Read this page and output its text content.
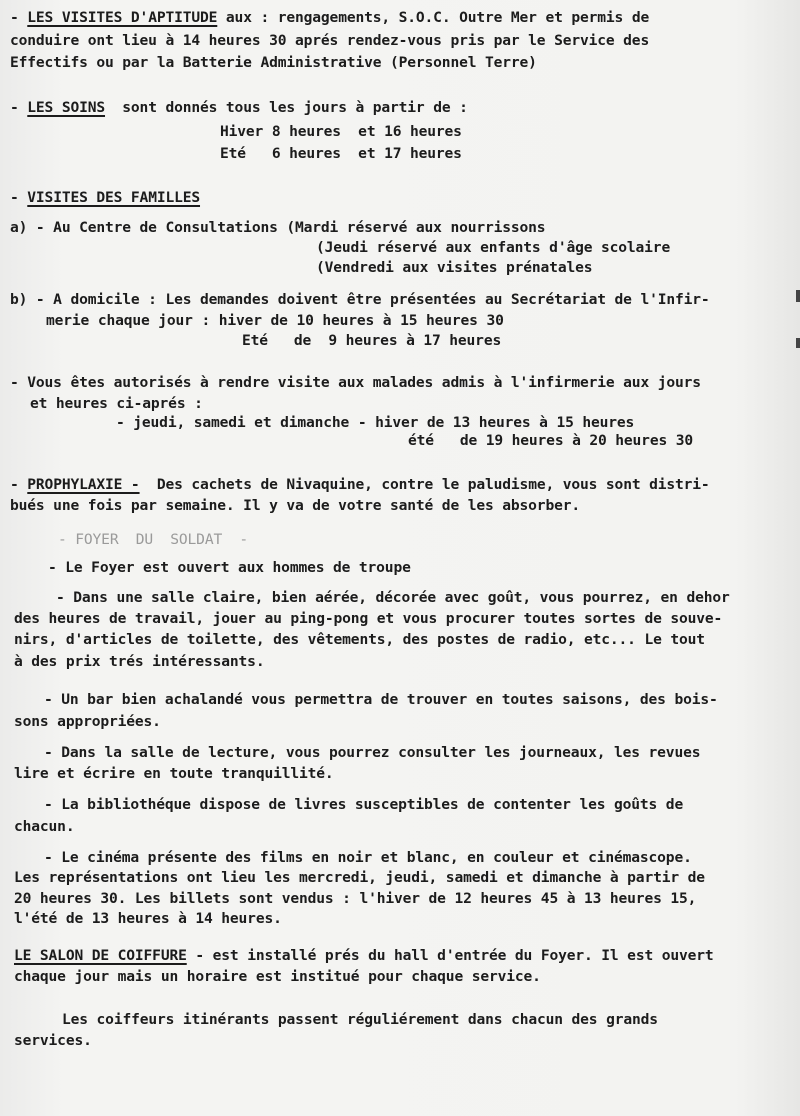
- LES VISITES D'APTITUDE aux : rengagements, S.O.C. Outre Mer et permis de
conduire ont lieu à 14 heures 30 aprés rendez-vous pris par le Service des
Effectifs ou par la Batterie Administrative (Personnel Terre)
- LES SOINS  sont donnés tous les jours à partir de :
Hiver 8 heures  et 16 heures
Eté   6 heures  et 17 heures
- VISITES DES FAMILLES
a) - Au Centre de Consultations (Mardi réservé aux nourrissons
(Jeudi réservé aux enfants d'âge scolaire
(Vendredi aux visites prénatales
b) - A domicile : Les demandes doivent être présentées au Secrétariat de l'Infir-
merie chaque jour : hiver de 10 heures à 15 heures 30
Eté   de  9 heures à 17 heures
- Vous êtes autorisés à rendre visite aux malades admis à l'infirmerie aux jours
et heures ci-aprés :
- jeudi, samedi et dimanche - hiver de 13 heures à 15 heures
été   de 19 heures à 20 heures 30
- PROPHYLAXIE -  Des cachets de Nivaquine, contre le paludisme, vous sont distri-
bués une fois par semaine. Il y va de votre santé de les absorber.
- FOYER  DU  SOLDAT  -
- Le Foyer est ouvert aux hommes de troupe
- Dans une salle claire, bien aérée, décorée avec goût, vous pourrez, en dehor
des heures de travail, jouer au ping-pong et vous procurer toutes sortes de souve-
nirs, d'articles de toilette, des vêtements, des postes de radio, etc... Le tout
à des prix trés intéressants.
- Un bar bien achalandé vous permettra de trouver en toutes saisons, des bois-
sons appropriées.
- Dans la salle de lecture, vous pourrez consulter les journeaux, les revues
lire et écrire en toute tranquillité.
- La bibliothéque dispose de livres susceptibles de contenter les goûts de
chacun.
- Le cinéma présente des films en noir et blanc, en couleur et cinémascope.
Les représentations ont lieu les mercredi, jeudi, samedi et dimanche à partir de
20 heures 30. Les billets sont vendus : l'hiver de 12 heures 45 à 13 heures 15,
l'été de 13 heures à 14 heures.
LE SALON DE COIFFURE - est installé prés du hall d'entrée du Foyer. Il est ouvert
chaque jour mais un horaire est institué pour chaque service.
Les coiffeurs itinérants passent réguliérement dans chacun des grands
services.
